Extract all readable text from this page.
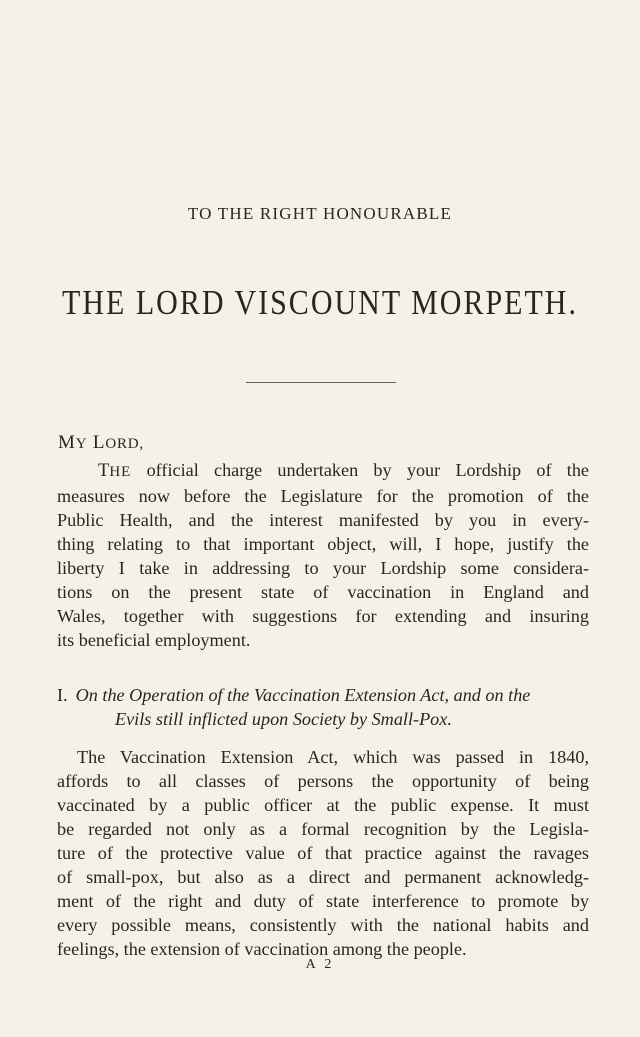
TO THE RIGHT HONOURABLE
THE LORD VISCOUNT MORPETH.
MY LORD,
THE official charge undertaken by your Lordship of the
measures now before the Legislature for the promotion of the
Public Health, and the interest manifested by you in every-
thing relating to that important object, will, I hope, justify the
liberty I take in addressing to your Lordship some considera-
tions on the present state of vaccination in England and
Wales, together with suggestions for extending and insuring
its beneficial employment.
I. On the Operation of the Vaccination Extension Act, and on the
Evils still inflicted upon Society by Small-Pox.
The Vaccination Extension Act, which was passed in 1840,
affords to all classes of persons the opportunity of being
vaccinated by a public officer at the public expense. It must
be regarded not only as a formal recognition by the Legisla-
ture of the protective value of that practice against the ravages
of small-pox, but also as a direct and permanent acknowledg-
ment of the right and duty of state interference to promote by
every possible means, consistently with the national habits and
feelings, the extension of vaccination among the people.
A 2
